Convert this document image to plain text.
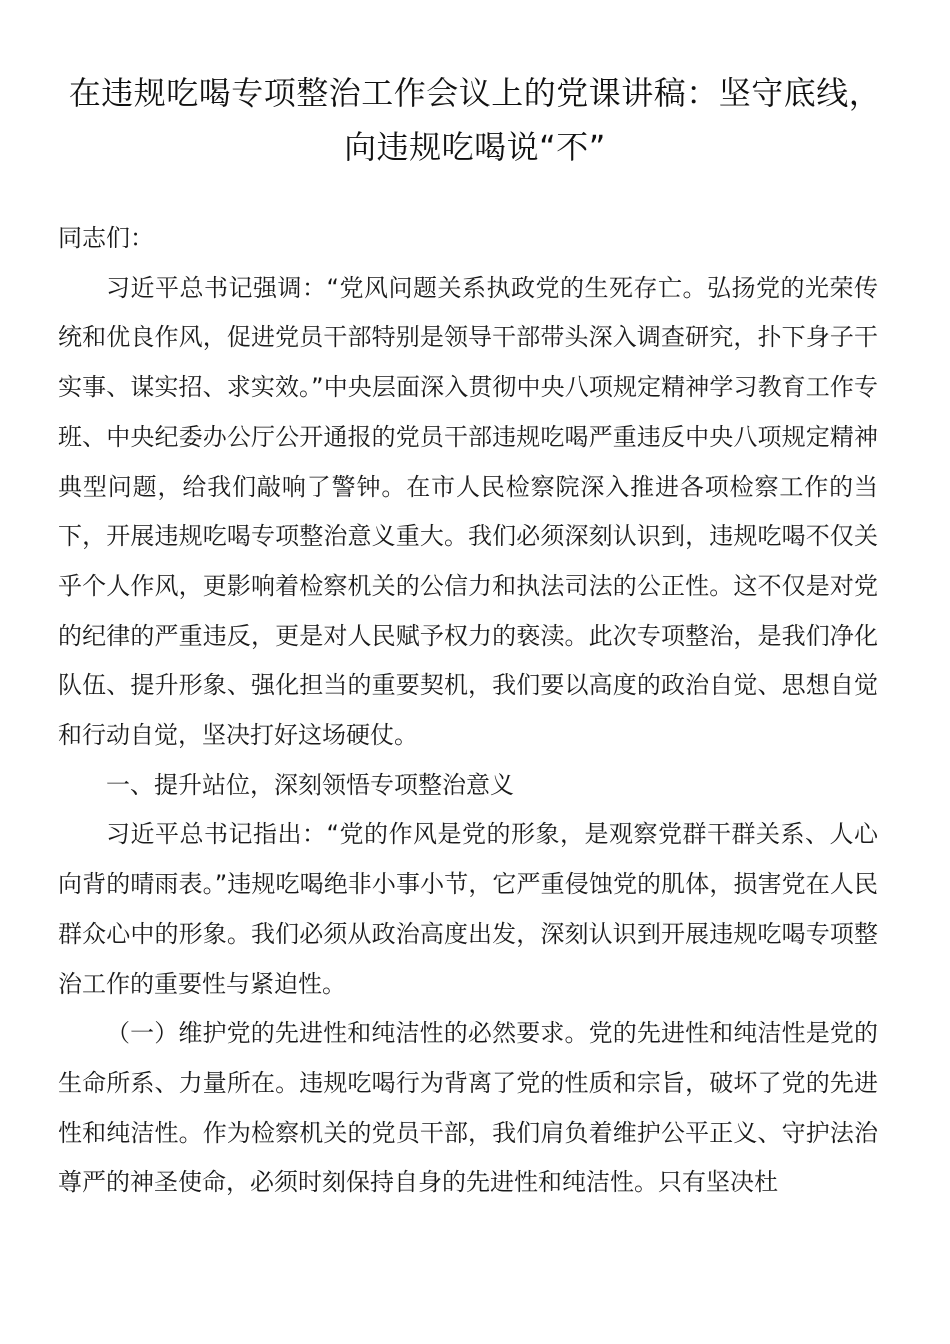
在违规吃喝专项整治工作会议上的党课讲稿：坚守底线，向违规吃喝说“不”

同志们：

习近平总书记强调：“党风问题关系执政党的生死存亡。弘扬党的光荣传统和优良作风，促进党员干部特别是领导干部带头深入调查研究，扑下身子干实事、谋实招、求实效。”中央层面深入贯彻中央八项规定精神学习教育工作专班、中央纪委办公厅公开通报的党员干部违规吃喝严重违反中央八项规定精神典型问题，给我们敲响了警钟。在市人民检察院深入推进各项检察工作的当下，开展违规吃喝专项整治意义重大。我们必须深刻认识到，违规吃喝不仅关乎个人作风，更影响着检察机关的公信力和执法司法的公正性。这不仅是对党的纪律的严重违反，更是对人民赋予权力的亵渎。此次专项整治，是我们净化队伍、提升形象、强化担当的重要契机，我们要以高度的政治自觉、思想自觉和行动自觉，坚决打好这场硬仗。

一、提升站位，深刻领悟专项整治意义

习近平总书记指出：“党的作风是党的形象，是观察党群干群关系、人心向背的晴雨表。”违规吃喝绝非小事小节，它严重侵蚀党的肌体，损害党在人民群众心中的形象。我们必须从政治高度出发，深刻认识到开展违规吃喝专项整治工作的重要性与紧迫性。

（一）维护党的先进性和纯洁性的必然要求。党的先进性和纯洁性是党的生命所系、力量所在。违规吃喝行为背离了党的性质和宗旨，破坏了党的先进性和纯洁性。作为检察机关的党员干部，我们肩负着维护公平正义、守护法治尊严的神圣使命，必须时刻保持自身的先进性和纯洁性。只有坚决杜
